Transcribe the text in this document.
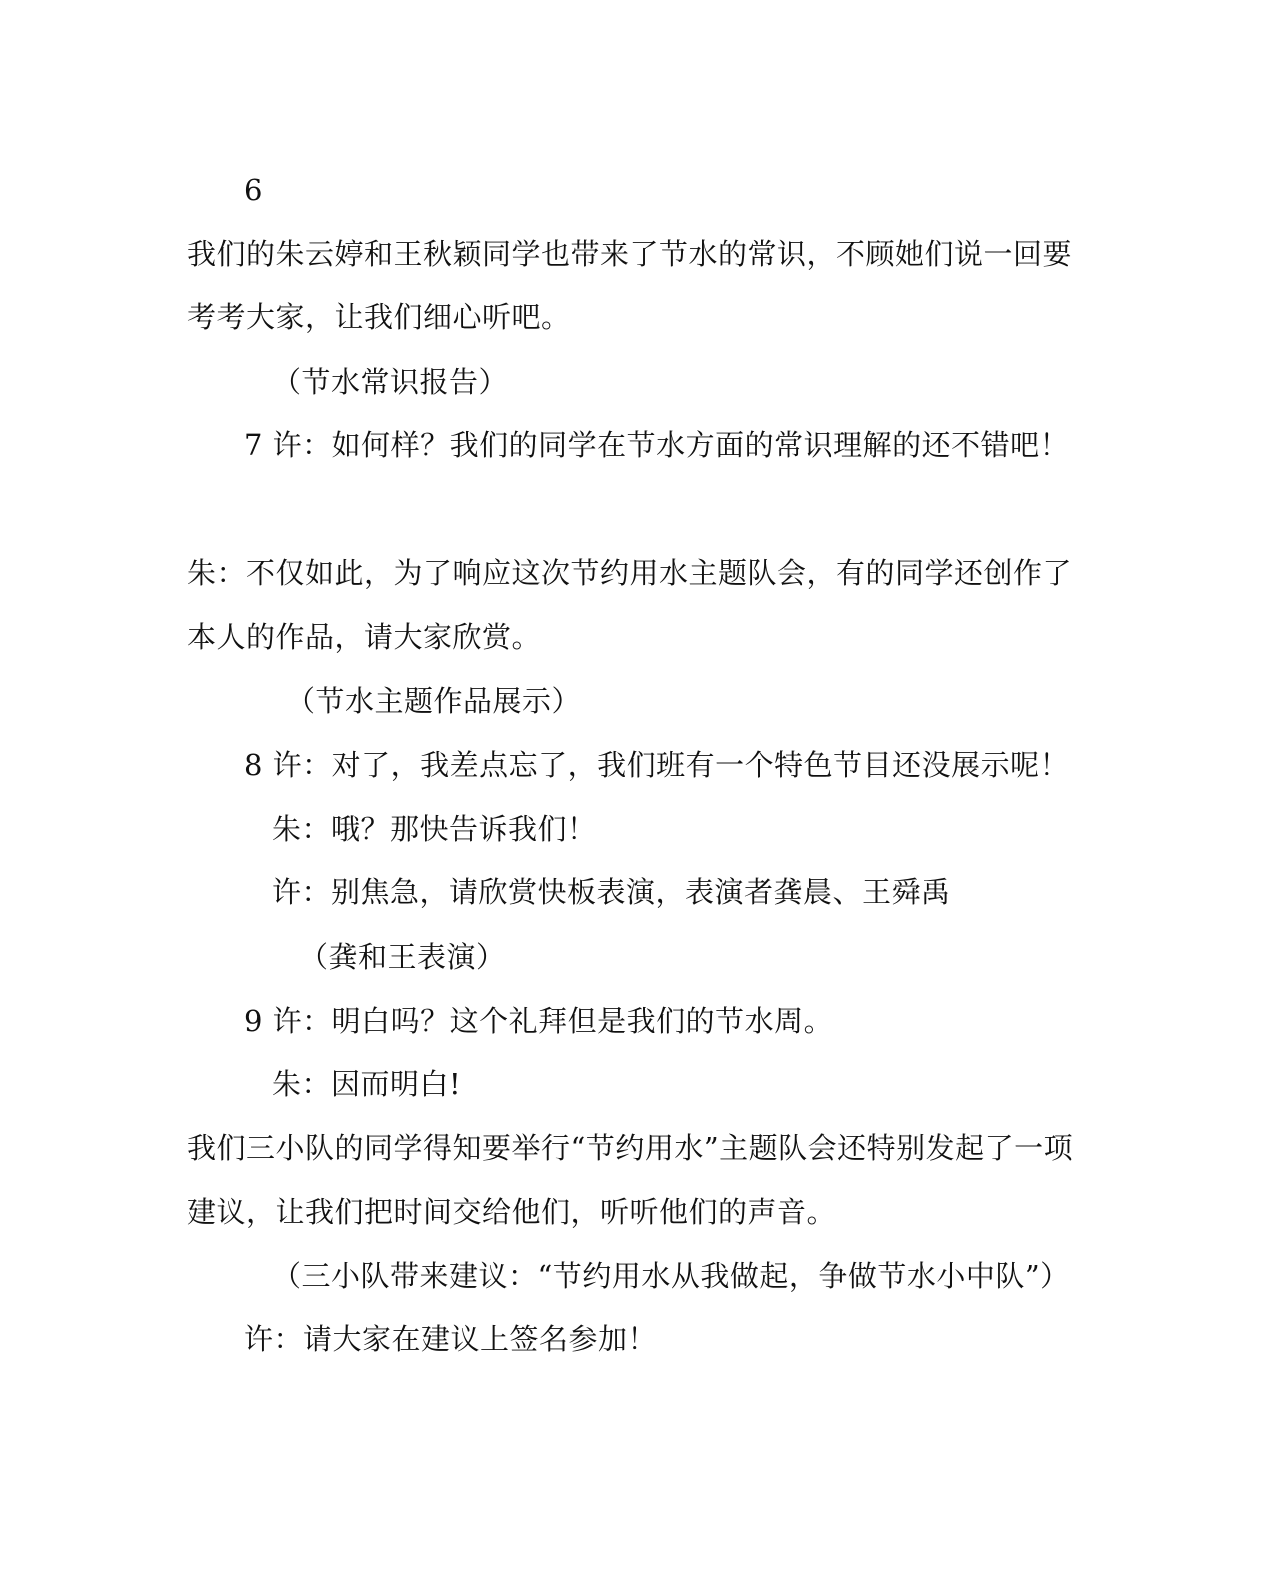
6
我们的朱云婷和王秋颖同学也带来了节水的常识，不顾她们说一回要
考考大家，让我们细心听吧。
（节水常识报告）
7 许：如何样？我们的同学在节水方面的常识理解的还不错吧！
朱：不仅如此，为了响应这次节约用水主题队会，有的同学还创作了
本人的作品，请大家欣赏。
（节水主题作品展示）
8 许：对了，我差点忘了，我们班有一个特色节目还没展示呢！
朱：哦？那快告诉我们！
许：别焦急，请欣赏快板表演，表演者龚晨、王舜禹
（龚和王表演）
9 许：明白吗？这个礼拜但是我们的节水周。
朱：因而明白!
我们三小队的同学得知要举行“节约用水”主题队会还特别发起了一项
建议，让我们把时间交给他们，听听他们的声音。
（三小队带来建议：“节约用水从我做起，争做节水小中队”）
许：请大家在建议上签名参加！
